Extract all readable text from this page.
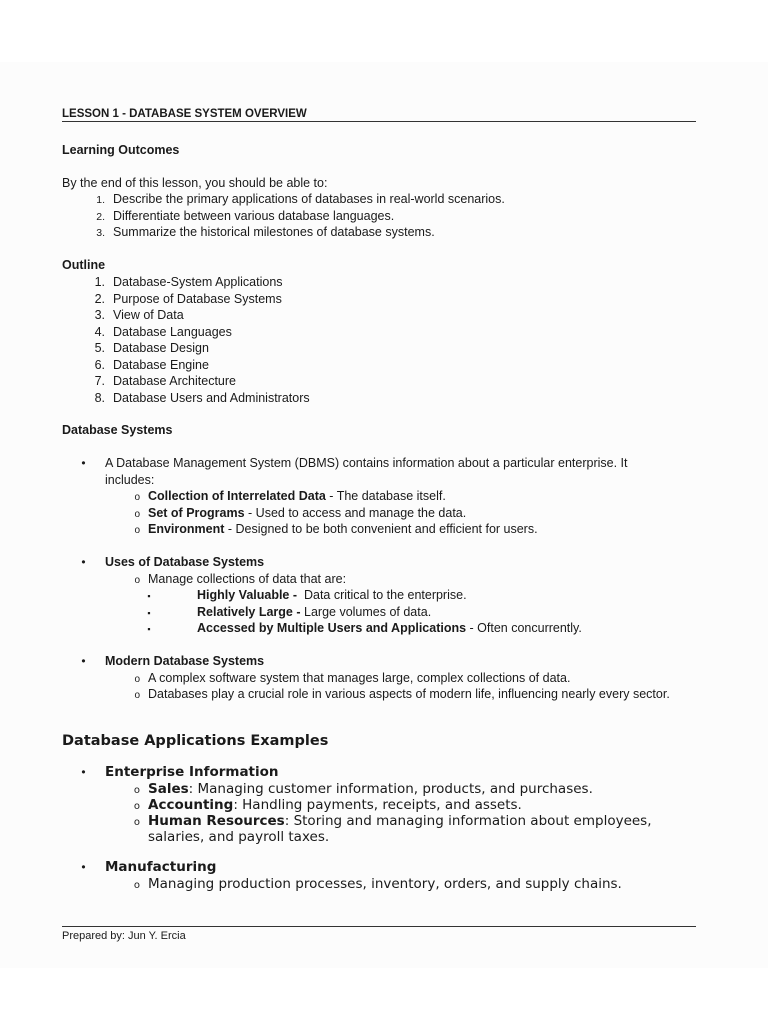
LESSON 1 - DATABASE SYSTEM OVERVIEW
Learning Outcomes
By the end of this lesson, you should be able to:
1. Describe the primary applications of databases in real-world scenarios.
2. Differentiate between various database languages.
3. Summarize the historical milestones of database systems.
Outline
1. Database-System Applications
2. Purpose of Database Systems
3. View of Data
4. Database Languages
5. Database Design
6. Database Engine
7. Database Architecture
8. Database Users and Administrators
Database Systems
•	A Database Management System (DBMS) contains information about a particular enterprise. It
includes:
o Collection of Interrelated Data - The database itself.
o Set of Programs - Used to access and manage the data.
o Environment - Designed to be both convenient and efficient for users.
•	Uses of Database Systems
o Manage collections of data that are:
▪	Highly Valuable - Data critical to the enterprise.
▪	Relatively Large - Large volumes of data.
▪	Accessed by Multiple Users and Applications - Often concurrently.
•	Modern Database Systems
o A complex software system that manages large, complex collections of data.
o Databases play a crucial role in various aspects of modern life, influencing nearly every sector.
Database Applications Examples
•	Enterprise Information
o Sales : Managing customer information, products, and purchases.
o Accounting : Handling payments, receipts, and assets.
o Human Resources : Storing and managing information about employees,
salaries, and payroll taxes.
•	Manufacturing
o Managing production processes, inventory, orders, and supply chains.
Prepared by: Jun Y. Ercia
